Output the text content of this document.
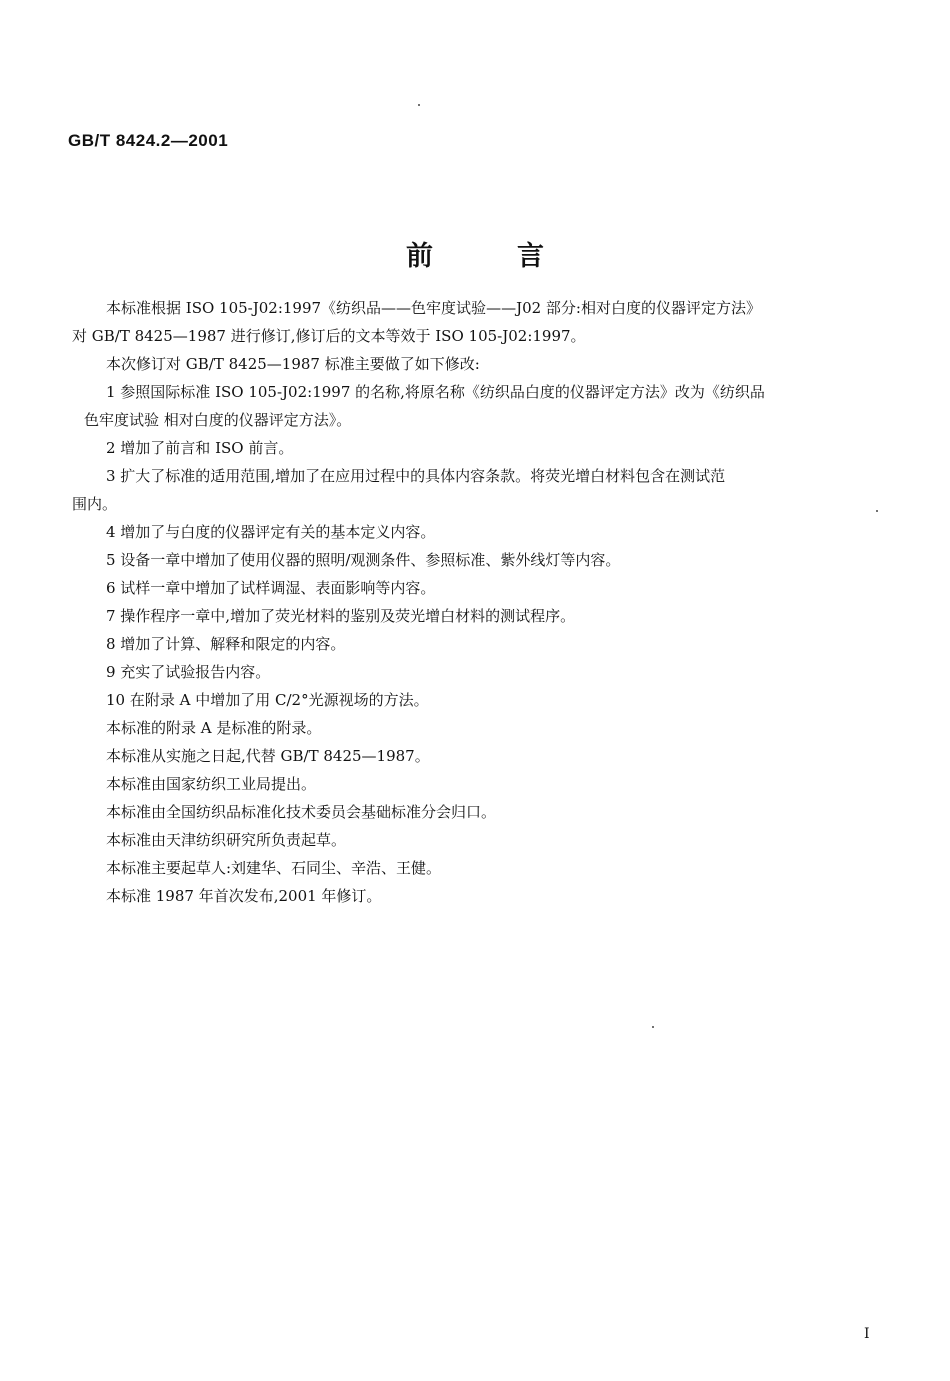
GB/T 8424.2—2001
前言

本标准根据 ISO 105-J02:1997《纺织品——色牢度试验——J02 部分:相对白度的仪器评定方法》

对 GB/T 8425—1987 进行修订,修订后的文本等效于 ISO 105-J02:1997。

本次修订对 GB/T 8425—1987 标准主要做了如下修改:

1 参照国际标准 ISO 105-J02:1997 的名称,将原名称《纺织品白度的仪器评定方法》改为《纺织品

色牢度试验 相对白度的仪器评定方法》。

2 增加了前言和 ISO 前言。

3 扩大了标准的适用范围,增加了在应用过程中的具体内容条款。将荧光增白材料包含在测试范

围内。

4 增加了与白度的仪器评定有关的基本定义内容。

5 设备一章中增加了使用仪器的照明/观测条件、参照标准、紫外线灯等内容。

6 试样一章中增加了试样调湿、表面影响等内容。

7 操作程序一章中,增加了荧光材料的鉴别及荧光增白材料的测试程序。

8 增加了计算、解释和限定的内容。

9 充实了试验报告内容。

10 在附录 A 中增加了用 C/2°光源视场的方法。

本标准的附录 A 是标准的附录。

本标准从实施之日起,代替 GB/T 8425—1987。

本标准由国家纺织工业局提出。

本标准由全国纺织品标准化技术委员会基础标准分会归口。

本标准由天津纺织研究所负责起草。

本标准主要起草人:刘建华、石同尘、辛浩、王健。

本标准 1987 年首次发布,2001 年修订。

I
